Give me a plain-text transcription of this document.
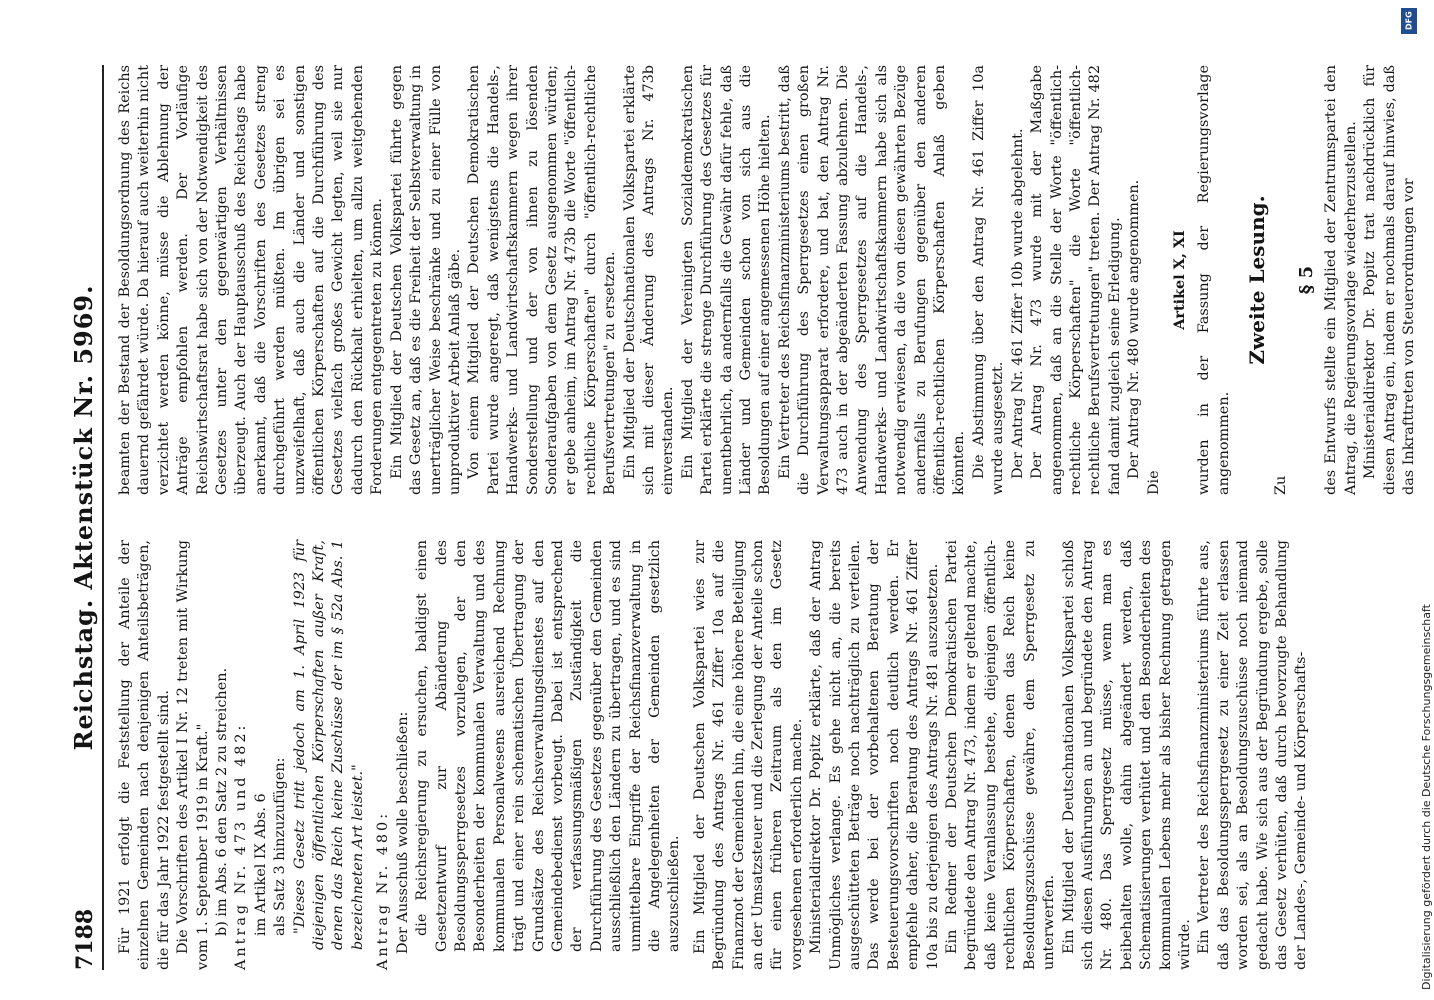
7188
Reichstag. Aktenstück Nr. 5969. Für 1921 erfolgt die Feststellung der Anteile der einzelnen Gemeinden nach denjenigen Anteilsbeträgen, die für das Jahr 1922 festgestellt sind. Die Vorschriften des Artikel I Nr. 12 treten mit Wirkung vom 1. September 1919 in Kraft." b) im Abs. 6 den Satz 2 zu streichen. Antrag Nr. 473 und 482: im Artikel IX Abs. 6 als Satz 3 hinzuzufügen: "Dieses Gesetz tritt jedoch am 1. April 1923 für diejenigen öffentlichen Körperschaften außer Kraft, denen das Reich keine Zuschüsse der im § 52a Abs. 1 bezeichneten Art leistet." Antrag Nr. 480: Der Ausschuß wolle beschließen: die Reichsregierung zu ersuchen, baldigst einen Gesetzentwurf zur Abänderung des Besoldungssperrgesetzes vorzulegen, der den Besonderheiten der kommunalen Verwaltung und des kommunalen Personalwesens ausreichend Rechnung trägt und einer rein schematischen Übertragung der Grundsätze des Reichsverwaltungsdienstes auf den Gemeindebedienst vorbeugt. Dabei ist entsprechend der verfassungsmäßigen Zuständigkeit die Durchführung des Gesetzes gegenüber den Gemeinden ausschließlich den Ländern zu übertragen, und es sind unmittelbare Eingriffe der Reichsfinanzverwaltung in die Angelegenheiten der Gemeinden gesetzlich auszuschließen. Ein Mitglied der Deutschen Volkspartei wies zur Begründung des Antrags Nr. 461 Ziffer 10a auf die Finanznot der Gemeinden hin, die eine höhere Beteiligung an der Umsatzsteuer und die Zerlegung der Anteile schon für einen früheren Zeitraum als den im Gesetz vorgesehenen erforderlich mache. Ministerialdirektor Dr. Popitz erklärte, daß der Antrag Unmögliches verlange. Es gehe nicht an, die bereits ausgeschütteten Beträge noch nachträglich zu verteilen. Das werde bei der vorbehaltenen Beratung der Besteuerungsvorschriften noch deutlich werden. Er empfehle daher, die Beratung des Antrags Nr. 461 Ziffer 10a bis zu derjenigen des Antrags Nr. 481 auszusetzen. Ein Redner der Deutschen Demokratischen Partei begründete den Antrag Nr. 473, indem er geltend machte, daß keine Veranlassung bestehe, diejenigen öffentlich-rechtlichen Körperschaften, denen das Reich keine Besoldungszuschüsse gewähre, dem Sperrgesetz zu unterwerfen. Ein Mitglied der Deutschnationalen Volkspartei schloß sich diesen Ausführungen an und begründete den Antrag Nr. 480. Das Sperrgesetz müsse, wenn man es beibehalten wolle, dahin abgeändert werden, daß Schematisierungen verhütet und den Besonderheiten des kommunalen Lebens mehr als bisher Rechnung getragen würde. Ein Vertreter des Reichsfinanzministeriums führte aus, daß das Besoldungssperrgesetz zu einer Zeit erlassen worden sei, als an Besoldungszuschüsse noch niemand gedacht habe. Wie sich aus der Begründung ergebe, solle das Gesetz verhüten, daß durch bevorzugte Behandlung der Landes-, Gemeinde- und Körperschafts-

beamten der Bestand der Besoldungsordnung des Reichs dauernd gefährdet würde. Da hierauf auch weiterhin nicht verzichtet werden könne, müsse die Ablehnung der Anträge empfohlen werden. Der Vorläufige Reichswirtschaftsrat habe sich von der Notwendigkeit des Gesetzes unter den gegenwärtigen Verhältnissen überzeugt. Auch der Hauptausschuß des Reichstags habe anerkannt, daß die Vorschriften des Gesetzes streng durchgeführt werden müßten. Im übrigen sei es unzweifelhaft, daß auch die Länder und sonstigen öffentlichen Körperschaften auf die Durchführung des Gesetzes vielfach großes Gewicht legten, weil sie nur dadurch den Rückhalt erhielten, um allzu weitgehenden Forderungen entgegentreten zu können. Ein Mitglied der Deutschen Volkspartei führte gegen das Gesetz an, daß es die Freiheit der Selbstverwaltung in unerträglicher Weise beschränke und zu einer Fülle von unproduktiver Arbeit Anlaß gäbe. Von einem Mitglied der Deutschen Demokratischen Partei wurde angeregt, daß wenigstens die Handels-, Handwerks- und Landwirtschaftskammern wegen ihrer Sonderstellung und der von ihnen zu lösenden Sonderaufgaben von dem Gesetz ausgenommen würden; er gebe anheim, im Antrag Nr. 473b die Worte "öffentlich-rechtliche Körperschaften" durch "öffentlich-rechtliche Berufsvertretungen" zu ersetzen. Ein Mitglied der Deutschnationalen Volkspartei erklärte sich mit dieser Änderung des Antrags Nr. 473b einverstanden. Ein Mitglied der Vereinigten Sozialdemokratischen Partei erklärte die strenge Durchführung des Gesetzes für unentbehrlich, da andernfalls die Gewähr dafür fehle, daß Länder und Gemeinden schon von sich aus die Besoldungen auf einer angemessenen Höhe hielten. Ein Vertreter des Reichsfinanzministeriums bestritt, daß die Durchführung des Sperrgesetzes einen großen Verwaltungsapparat erfordere, und bat, den Antrag Nr. 473 auch in der abgeänderten Fassung abzulehnen. Die Anwendung des Sperrgesetzes auf die Handels-, Handwerks- und Landwirtschaftskammern habe sich als notwendig erwiesen, da die von diesen gewährten Bezüge andernfalls zu Berufungen gegenüber den anderen öffentlich-rechtlichen Körperschaften Anlaß geben könnten. Die Abstimmung über den Antrag Nr. 461 Ziffer 10a wurde ausgesetzt. Der Antrag Nr. 461 Ziffer 10b wurde abgelehnt. Der Antrag Nr. 473 wurde mit der Maßgabe angenommen, daß an die Stelle der Worte "öffentlich-rechtliche Körperschaften" die Worte "öffentlich-rechtliche Berufsvertretungen" treten. Der Antrag Nr. 482 fand damit zugleich seine Erledigung. Der Antrag Nr. 480 wurde angenommen.

Die

Artikel X, XI wurden in der Fassung der Regierungsvorlage angenommen.

Zweite Lesung.

Zu

§ 5 des Entwurfs stellte ein Mitglied der Zentrumspartei den Antrag, die Regierungsvorlage wiederherzustellen. Ministerialdirektor Dr. Popitz trat nachdrücklich für diesen Antrag ein, indem er nochmals darauf hinwies, daß das Inkrafttreten von Steuerordnungen vor

DFG
Digitalisierung gefördert durch die Deutsche Forschungsgemeinschaft
